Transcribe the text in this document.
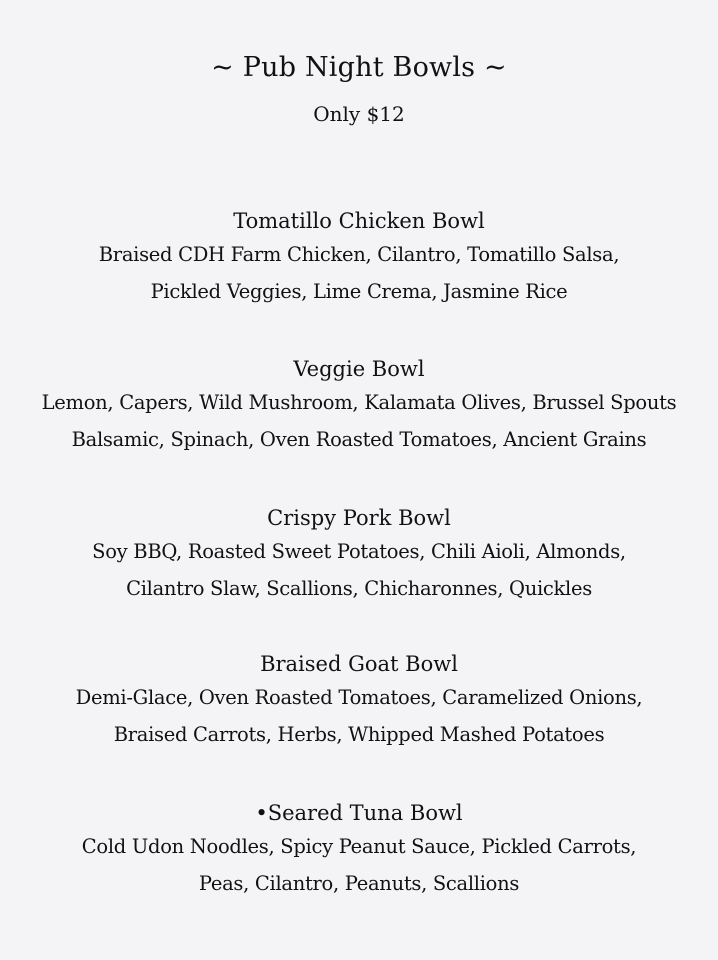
~ Pub Night Bowls ~
Only $12
Tomatillo Chicken Bowl
Braised CDH Farm Chicken, Cilantro, Tomatillo Salsa,
Pickled Veggies, Lime Crema, Jasmine Rice
Veggie Bowl
Lemon, Capers, Wild Mushroom, Kalamata Olives, Brussel Spouts
Balsamic, Spinach, Oven Roasted Tomatoes, Ancient Grains
Crispy Pork Bowl
Soy BBQ, Roasted Sweet Potatoes, Chili Aioli, Almonds,
Cilantro Slaw, Scallions, Chicharonnes, Quickles
Braised Goat Bowl
Demi-Glace, Oven Roasted Tomatoes, Caramelized Onions,
Braised Carrots, Herbs, Whipped Mashed Potatoes
•Seared Tuna Bowl
Cold Udon Noodles, Spicy Peanut Sauce, Pickled Carrots,
Peas, Cilantro, Peanuts, Scallions
